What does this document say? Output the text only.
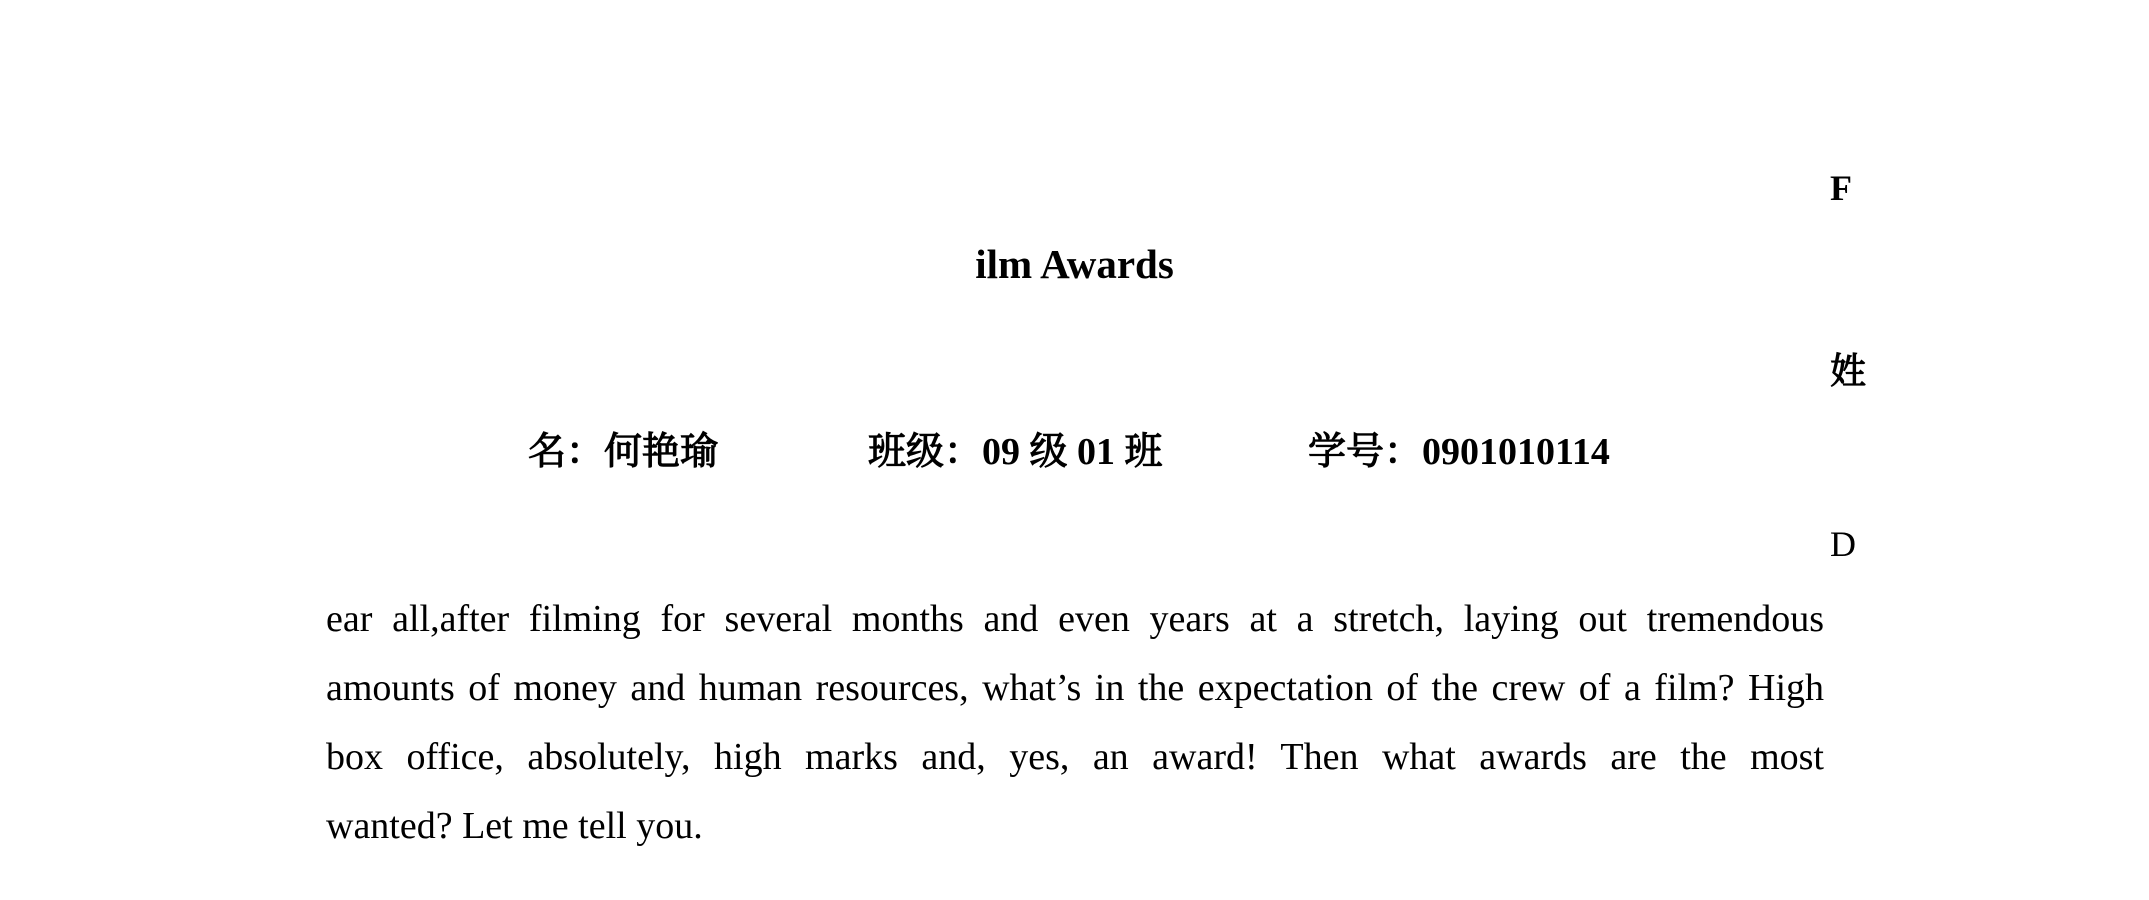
F
ilm Awards
姓
名：何艳瑜	班级：09 级 01 班	学号：0901010114
D
ear all,after filming for several months and even years at a stretch, laying out tremendous
amounts of money and human resources, what’s in the expectation of the crew of a film? High
box office, absolutely, high marks and, yes, an award! Then what awards are the most
wanted? Let me tell you.
